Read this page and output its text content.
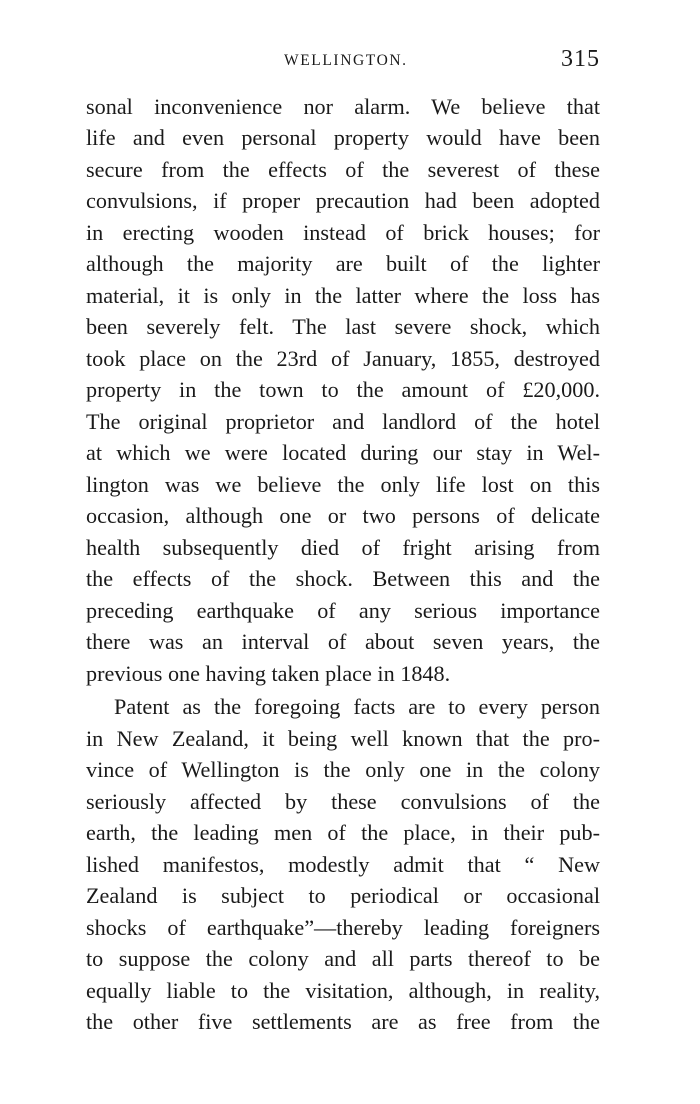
WELLINGTON.	315
sonal inconvenience nor alarm. We believe that
life and even personal property would have been
secure from the effects of the severest of these
convulsions, if proper precaution had been adopted
in erecting wooden instead of brick houses; for
although the majority are built of the lighter
material, it is only in the latter where the loss has
been severely felt. The last severe shock, which
took place on the 23rd of January, 1855, destroyed
property in the town to the amount of £20,000.
The original proprietor and landlord of the hotel
at which we were located during our stay in Wel-
lington was we believe the only life lost on this
occasion, although one or two persons of delicate
health subsequently died of fright arising from
the effects of the shock. Between this and the
preceding earthquake of any serious importance
there was an interval of about seven years, the
previous one having taken place in 1848.
Patent as the foregoing facts are to every person
in New Zealand, it being well known that the pro-
vince of Wellington is the only one in the colony
seriously affected by these convulsions of the
earth, the leading men of the place, in their pub-
lished manifestos, modestly admit that “ New
Zealand is subject to periodical or occasional
shocks of earthquake”—thereby leading foreigners
to suppose the colony and all parts thereof to be
equally liable to the visitation, although, in reality,
the other five settlements are as free from the
